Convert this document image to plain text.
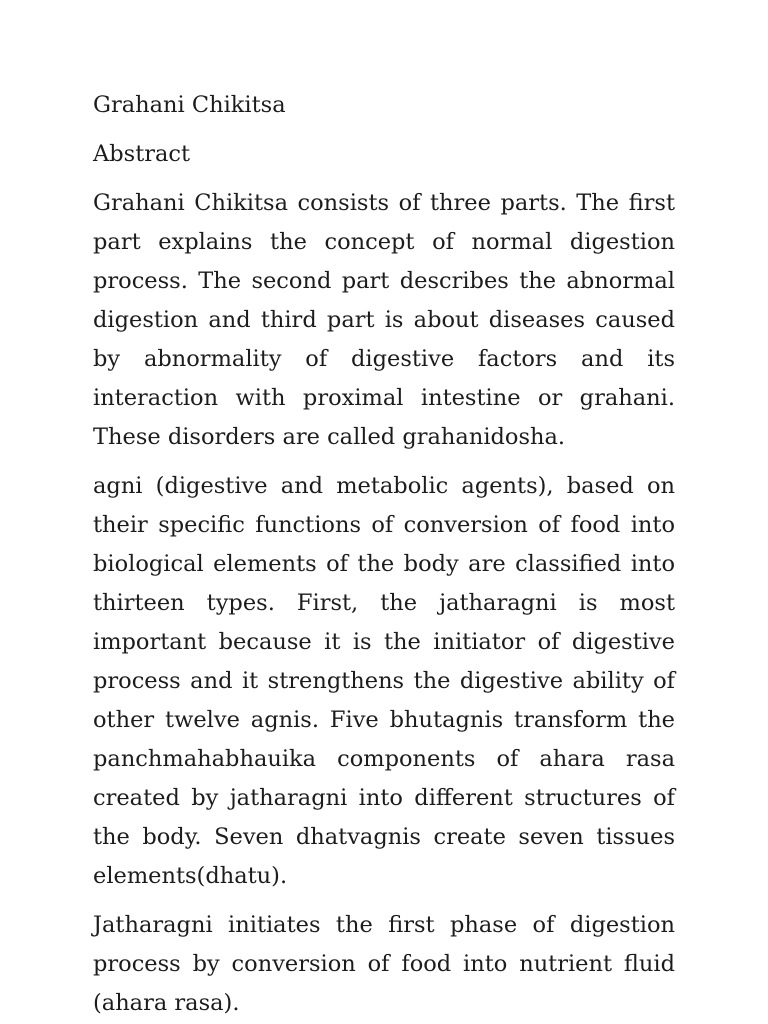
Grahani Chikitsa
Abstract

Grahani Chikitsa consists of three parts. The first part explains the concept of normal digestion process. The second part describes the abnormal digestion and third part is about diseases caused by abnormality of digestive factors and its interaction with proximal intestine or grahani. These disorders are called grahanidosha.

agni (digestive and metabolic agents), based on their specific functions of conversion of food into biological elements of the body are classified into thirteen types. First, the jatharagni is most important because it is the initiator of digestive process and it strengthens the digestive ability of other twelve agnis. Five bhutagnis transform the panchmahabhauika components of ahara rasa created by jatharagni into different structures of the body. Seven dhatvagnis create seven tissues elements(dhatu).

Jatharagni initiates the first phase of digestion process by conversion of food into nutrient fluid (ahara rasa).
